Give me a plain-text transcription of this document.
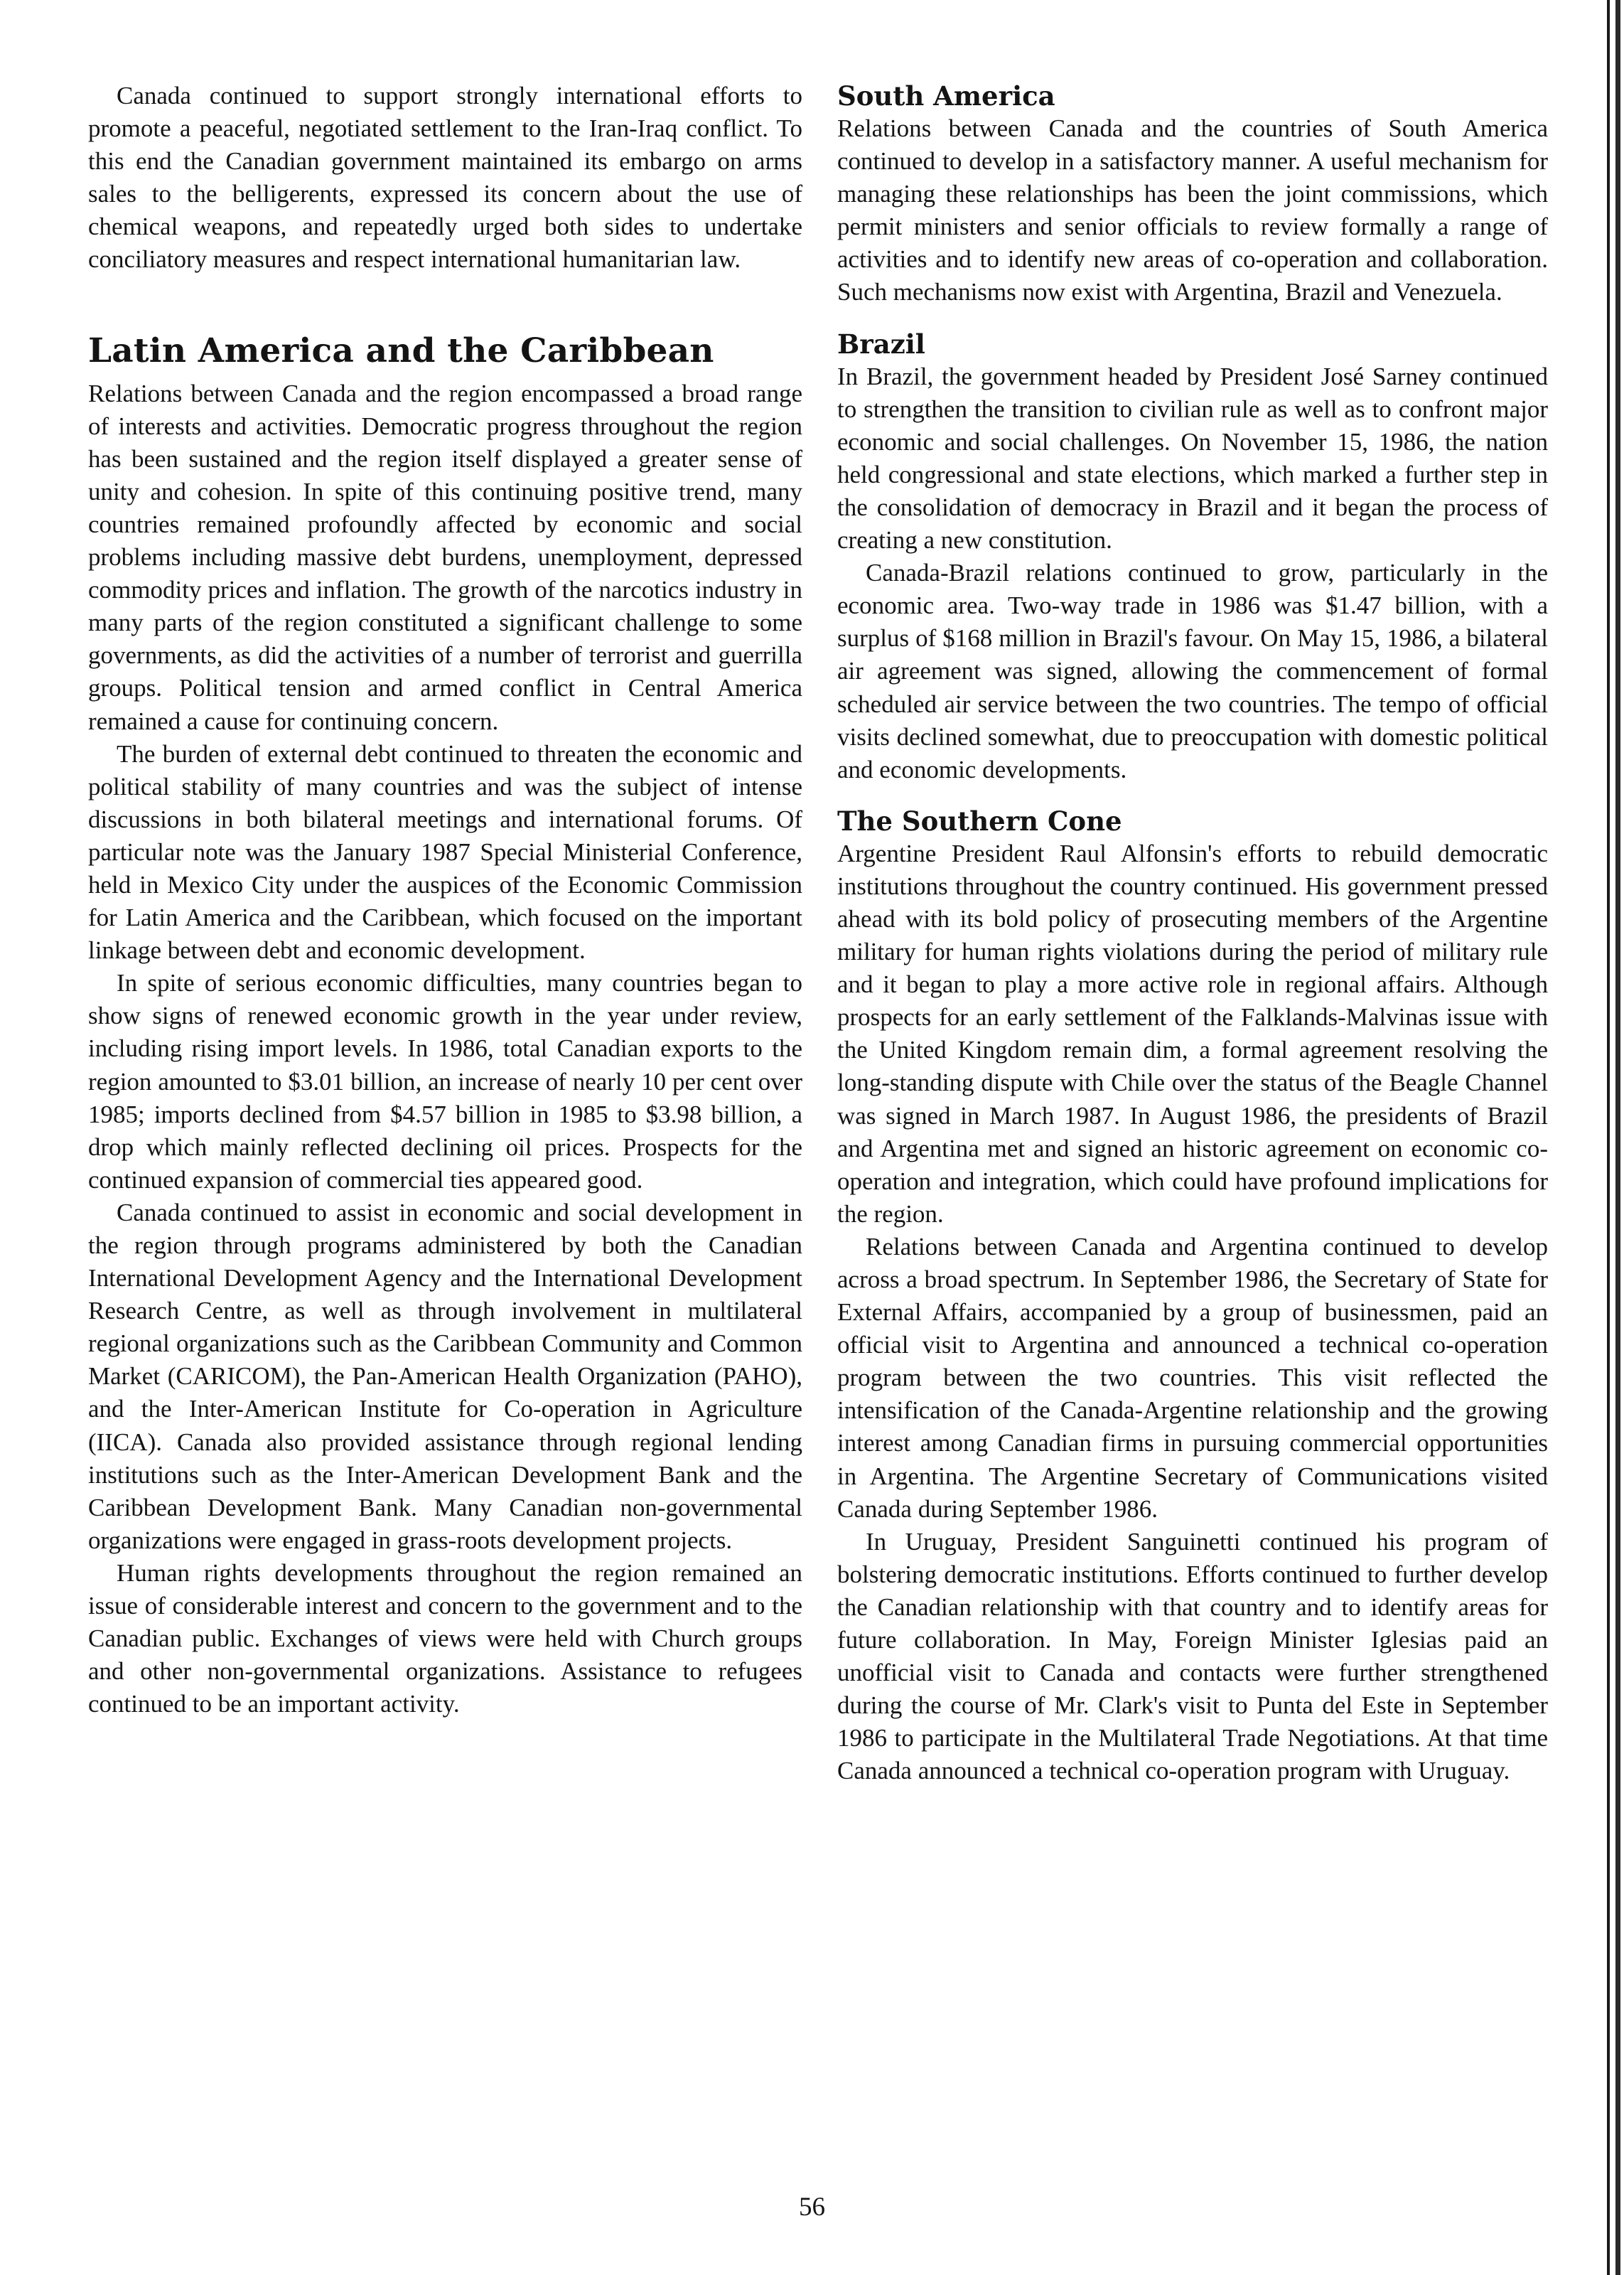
Canada continued to support strongly international efforts to promote a peaceful, negotiated settlement to the Iran-Iraq conflict. To this end the Canadian government maintained its embargo on arms sales to the belligerents, expressed its concern about the use of chemical weapons, and repeatedly urged both sides to undertake conciliatory measures and respect international humanitarian law.

Latin America and the Caribbean

Relations between Canada and the region encompassed a broad range of interests and activities. Democratic progress throughout the region has been sustained and the region itself displayed a greater sense of unity and cohesion. In spite of this continuing positive trend, many countries remained profoundly affected by economic and social problems including massive debt burdens, unemployment, depressed commodity prices and inflation. The growth of the narcotics industry in many parts of the region constituted a significant challenge to some governments, as did the activities of a number of terrorist and guerrilla groups. Political tension and armed conflict in Central America remained a cause for continuing concern.

The burden of external debt continued to threaten the economic and political stability of many countries and was the subject of intense discussions in both bilateral meetings and international forums. Of particular note was the January 1987 Special Ministerial Conference, held in Mexico City under the auspices of the Economic Commission for Latin America and the Caribbean, which focused on the important linkage between debt and economic development.

In spite of serious economic difficulties, many countries began to show signs of renewed economic growth in the year under review, including rising import levels. In 1986, total Canadian exports to the region amounted to $3.01 billion, an increase of nearly 10 per cent over 1985; imports declined from $4.57 billion in 1985 to $3.98 billion, a drop which mainly reflected declining oil prices. Prospects for the continued expansion of commercial ties appeared good.

Canada continued to assist in economic and social development in the region through programs administered by both the Canadian International Development Agency and the International Development Research Centre, as well as through involvement in multilateral regional organizations such as the Caribbean Community and Common Market (CARICOM), the Pan-American Health Organization (PAHO), and the Inter-American Institute for Co-operation in Agriculture (IICA). Canada also provided assistance through regional lending institutions such as the Inter-American Development Bank and the Caribbean Development Bank. Many Canadian non-governmental organizations were engaged in grass-roots development projects.

Human rights developments throughout the region remained an issue of considerable interest and concern to the government and to the Canadian public. Exchanges of views were held with Church groups and other non-governmental organizations. Assistance to refugees continued to be an important activity.

South America

Relations between Canada and the countries of South America continued to develop in a satisfactory manner. A useful mechanism for managing these relationships has been the joint commissions, which permit ministers and senior officials to review formally a range of activities and to identify new areas of co-operation and collaboration. Such mechanisms now exist with Argentina, Brazil and Venezuela.

Brazil

In Brazil, the government headed by President José Sarney continued to strengthen the transition to civilian rule as well as to confront major economic and social challenges. On November 15, 1986, the nation held congressional and state elections, which marked a further step in the consolidation of democracy in Brazil and it began the process of creating a new constitution.

Canada-Brazil relations continued to grow, particularly in the economic area. Two-way trade in 1986 was $1.47 billion, with a surplus of $168 million in Brazil's favour. On May 15, 1986, a bilateral air agreement was signed, allowing the commencement of formal scheduled air service between the two countries. The tempo of official visits declined somewhat, due to preoccupation with domestic political and economic developments.

The Southern Cone

Argentine President Raul Alfonsin's efforts to rebuild democratic institutions throughout the country continued. His government pressed ahead with its bold policy of prosecuting members of the Argentine military for human rights violations during the period of military rule and it began to play a more active role in regional affairs. Although prospects for an early settlement of the Falklands-Malvinas issue with the United Kingdom remain dim, a formal agreement resolving the long-standing dispute with Chile over the status of the Beagle Channel was signed in March 1987. In August 1986, the presidents of Brazil and Argentina met and signed an historic agreement on economic co-operation and integration, which could have profound implications for the region.

Relations between Canada and Argentina continued to develop across a broad spectrum. In September 1986, the Secretary of State for External Affairs, accompanied by a group of businessmen, paid an official visit to Argentina and announced a technical co-operation program between the two countries. This visit reflected the intensification of the Canada-Argentine relationship and the growing interest among Canadian firms in pursuing commercial opportunities in Argentina. The Argentine Secretary of Communications visited Canada during September 1986.

In Uruguay, President Sanguinetti continued his program of bolstering democratic institutions. Efforts continued to further develop the Canadian relationship with that country and to identify areas for future collaboration. In May, Foreign Minister Iglesias paid an unofficial visit to Canada and contacts were further strengthened during the course of Mr. Clark's visit to Punta del Este in September 1986 to participate in the Multilateral Trade Negotiations. At that time Canada announced a technical co-operation program with Uruguay.

56
